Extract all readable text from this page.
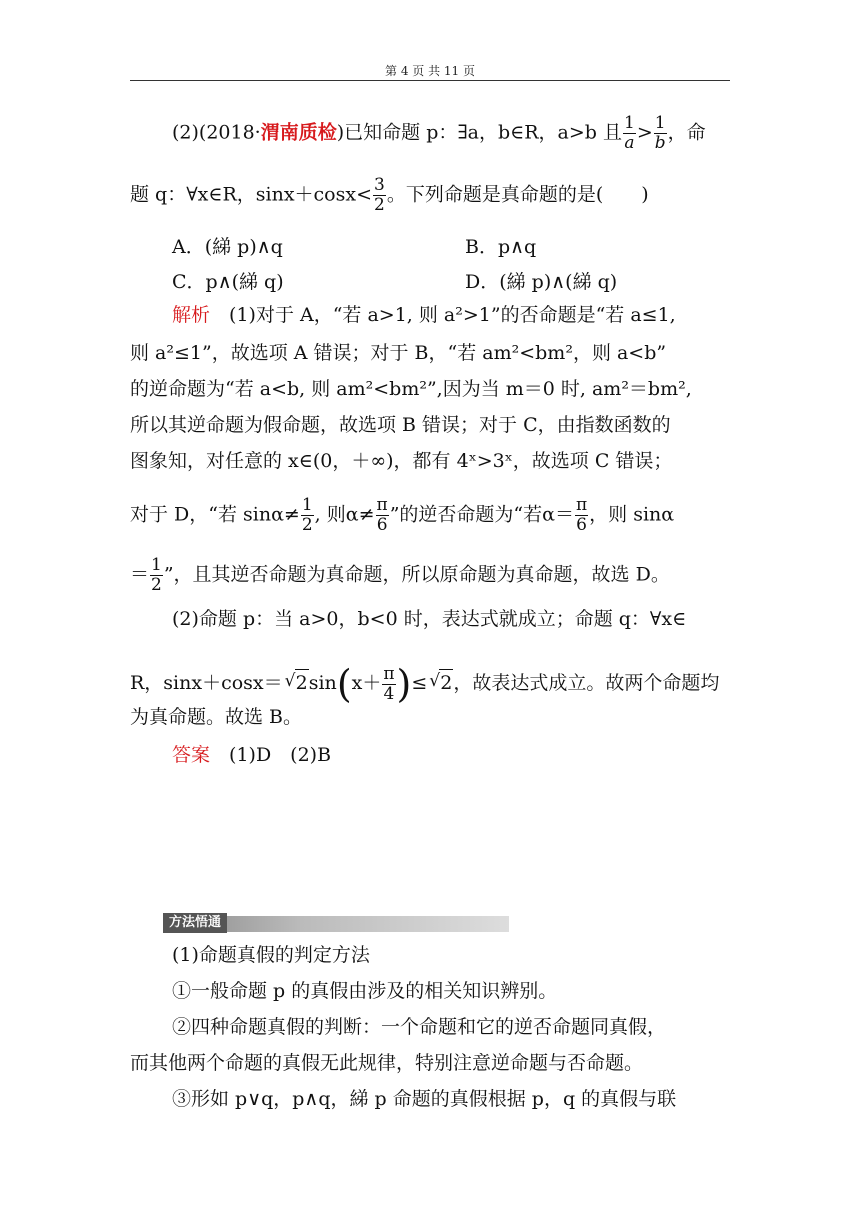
第 4 页 共 11 页
(2)(2018·渭南质检)已知命题 p：∃a，b∈R，a>b 且 $\frac{1}{a} > \frac{1}{b}$ ，命
题 q：∀x∈R，$\sin x+\cos x< \frac{3}{2}$ 。下列命题是真命题的是(　　)
A．(綈 p)∧q	B．p∧q
C．p∧(綈 q)	D．(綈 p)∧(綈 q)
解析　 (1)对于 A，“若 a>1, 则 a²>1”的否命题是“若 a≤1,
则 a²≤1”，故选项 A 错误；对于 B，“若 am²<bm²，则 a<b”
的逆命题为“若 a<b, 则 am²<bm²”,因为当 m＝0 时, am²＝bm²,
所以其逆命题为假命题，故选项 B 错误；对于 C，由指数函数的
图象知，对任意的 x∈(0，＋∞)，都有 4ˣ>3ˣ，故选项 C 错误；
对于 D，“若 $\sin\alpha\ne \frac{1}{2}$ , 则$\alpha\ne \frac{\pi}{6}$ ”的逆否命题为“若$\alpha= \frac{\pi}{6}$ ，则 sinα
＝ $\frac{1}{2}$ ”，且其逆否命题为真命题，所以原命题为真命题，故选 D。
(2)命题 p：当 a>0，b<0 时，表达式就成立；命题 q：∀x∈
R，sinx＋cosx＝ √ $2\sin(x+ \frac{\pi}{4}$ )≤ √ 2，故表达式成立。故两个命题均
为真命题。故选 B。
答案　 (1)D　(2)B
方法悟通
(1)命题真假的判定方法
①一般命题 p 的真假由涉及的相关知识辨别。
②四种命题真假的判断：一个命题和它的逆否命题同真假，
而其他两个命题的真假无此规律，特别注意逆命题与否命题。
③形如 p∨q，p∧q，綈 p 命题的真假根据 p，q 的真假与联
